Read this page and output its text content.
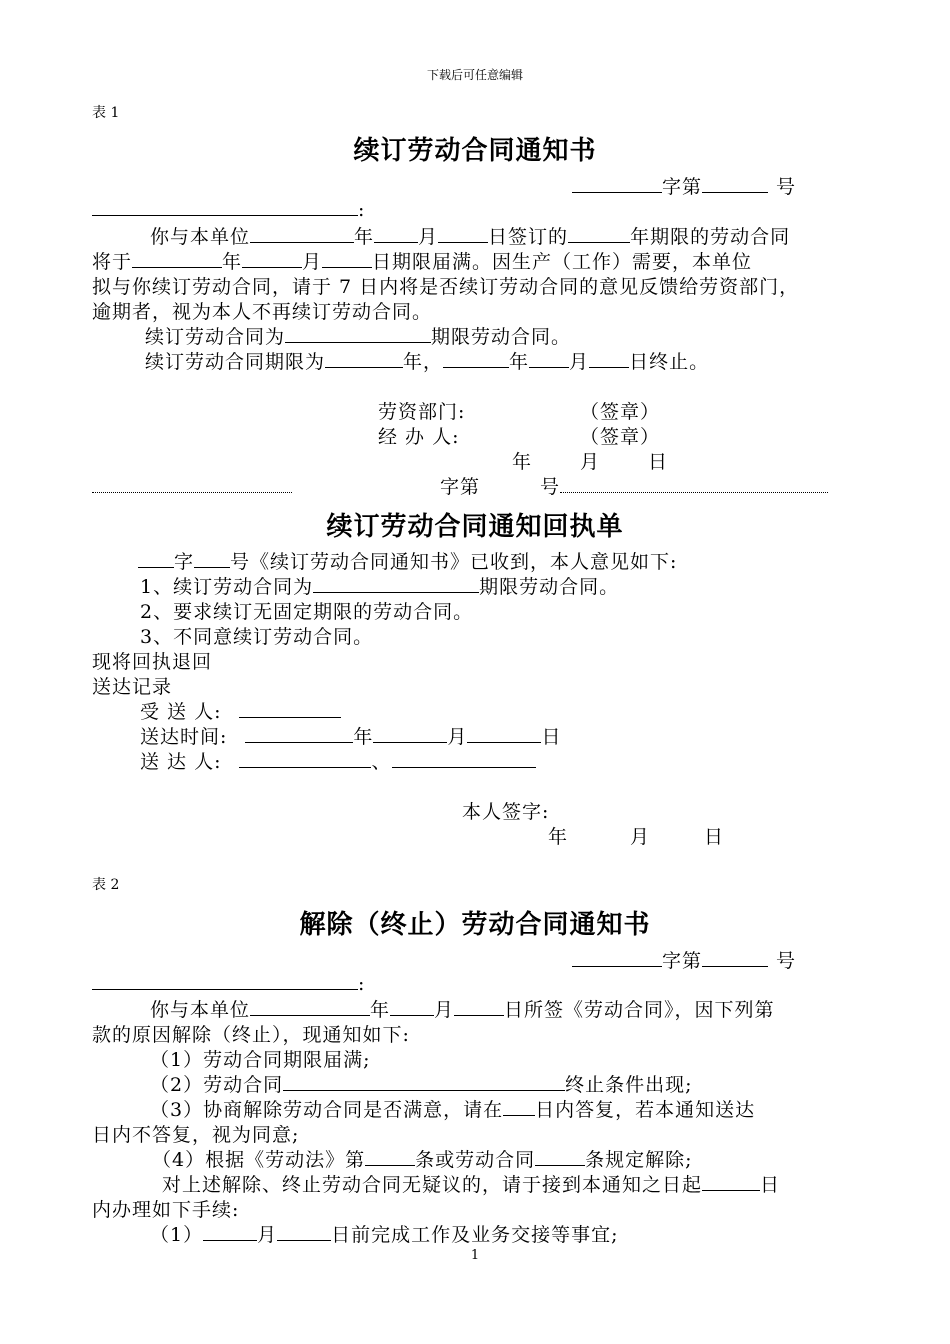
下载后可任意编辑
表 1
续订劳动合同通知书
字第	号
:
你与本单位	年 月	日签订的	年期限的劳动合同
将于	年	月	日期限届满。因生产（工作）需要，本单位
拟与你续订劳动合同，请于 7 日内将是否续订劳动合同的意见反馈给劳资部门，
逾期者，视为本人不再续订劳动合同。
续订劳动合同为	期限劳动合同。
续订劳动合同期限为	年，	年 月 日终止。
劳资部门:	（签章）
经 办 人:	（签章）
年	月	日
字第	号
续订劳动合同通知回执单
字 号《续订劳动合同通知书》已收到，本人意见如下:
1、续订劳动合同为	期限劳动合同。
2、要求续订无固定期限的劳动合同。
3、不同意续订劳动合同。
现将回执退回
送达记录
受 送 人:
送达时间:	年	月	日
送 达 人:	、
本人签字:
年	月	日
表 2
解除（终止）劳动合同通知书
字第	号
:
你与本单位	年 月	日所签《劳动合同》，因下列第
款的原因解除（终止），现通知如下:
（1）劳动合同期限届满;
（2）劳动合同	终止条件出现;
（3）协商解除劳动合同是否满意，请在 日内答复，若本通知送达
日内不答复，视为同意;
（4）根据《劳动法》第	条或劳动合同	条规定解除;
对上述解除、终止劳动合同无疑议的，请于接到本通知之日起	日
内办理如下手续:
（1）	月	日前完成工作及业务交接等事宜;
1
